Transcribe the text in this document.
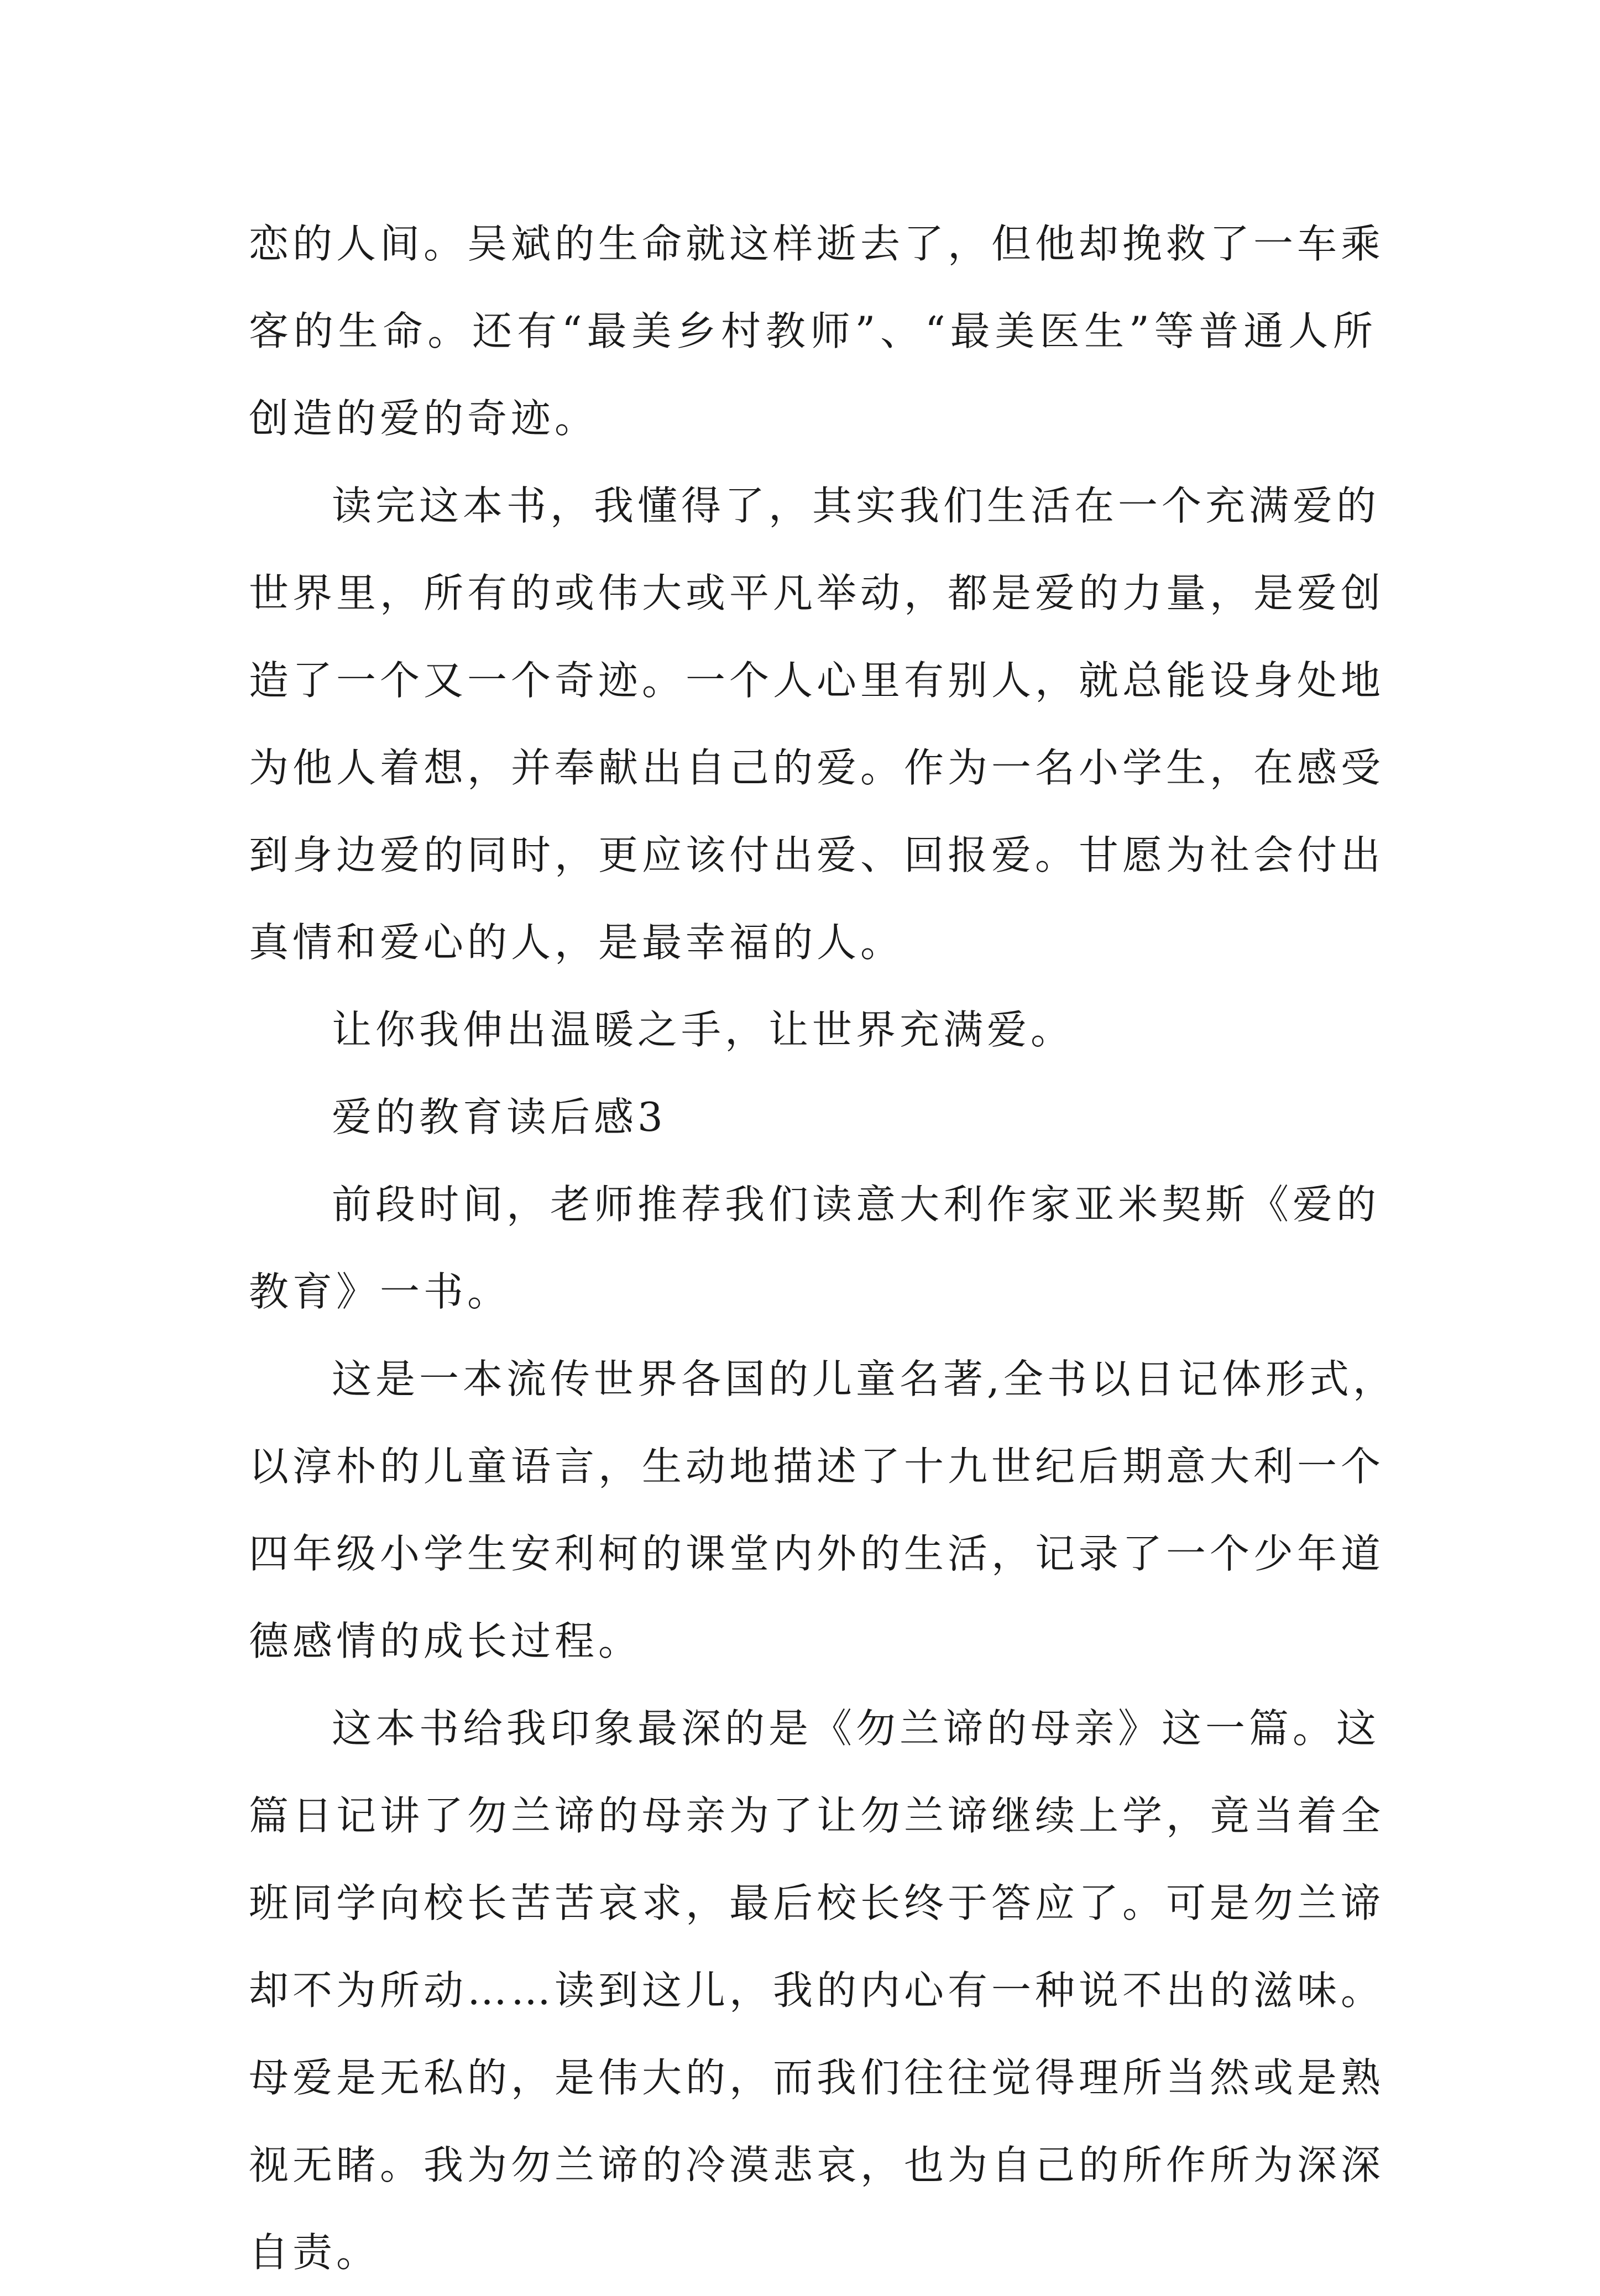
恋的人间。吴斌的生命就这样逝去了，但他却挽救了一车乘
客的生命。还有“最美乡村教师”、“最美医生”等普通人所
创造的爱的奇迹。
读完这本书，我懂得了，其实我们生活在一个充满爱的
世界里，所有的或伟大或平凡举动，都是爱的力量，是爱创
造了一个又一个奇迹。一个人心里有别人，就总能设身处地
为他人着想，并奉献出自己的爱。作为一名小学生，在感受
到身边爱的同时，更应该付出爱、回报爱。甘愿为社会付出
真情和爱心的人，是最幸福的人。
让你我伸出温暖之手，让世界充满爱。
爱的教育读后感3
前段时间，老师推荐我们读意大利作家亚米契斯《爱的
教育》一书。
这是一本流传世界各国的儿童名著,全书以日记体形式，
以淳朴的儿童语言，生动地描述了十九世纪后期意大利一个
四年级小学生安利柯的课堂内外的生活，记录了一个少年道
德感情的成长过程。
这本书给我印象最深的是《勿兰谛的母亲》这一篇。这
篇日记讲了勿兰谛的母亲为了让勿兰谛继续上学，竟当着全
班同学向校长苦苦哀求，最后校长终于答应了。可是勿兰谛
却不为所动……读到这儿，我的内心有一种说不出的滋味。
母爱是无私的，是伟大的，而我们往往觉得理所当然或是熟
视无睹。我为勿兰谛的冷漠悲哀，也为自己的所作所为深深
自责。
